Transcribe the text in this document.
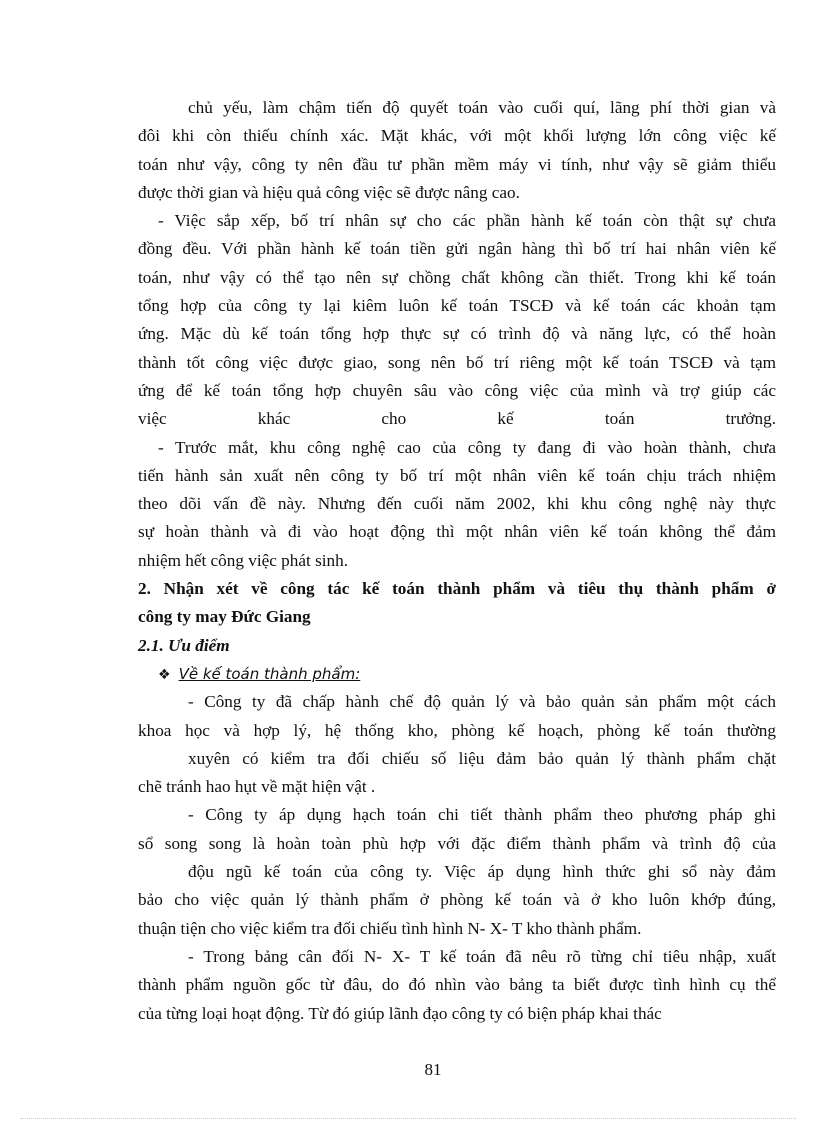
chủ yếu, làm chậm tiến độ quyết toán vào cuối quí, lãng phí thời gian và
đôi khi còn thiếu chính xác. Mặt khác, với một khối lượng lớn công việc kế
toán như vậy, công ty nên đầu tư phần mềm máy vi tính, như vậy sẽ giảm thiểu
được thời gian và hiệu quả công việc sẽ được nâng cao.
- Việc sắp xếp, bố trí nhân sự cho các phần hành kế toán còn thật sự chưa
đồng đều. Với phần hành kế toán tiền gửi ngân hàng thì bố trí hai nhân viên kế
toán, như vậy có thể tạo nên sự chồng chất không cần thiết. Trong khi kế toán
tổng hợp của công ty lại kiêm luôn kế toán TSCĐ và kế toán các khoản tạm
ứng. Mặc dù kế toán tổng hợp thực sự có trình độ và năng lực, có thể hoàn
thành tốt công việc được giao, song nên bố trí riêng một kế toán TSCĐ và tạm
ứng để kế toán tổng hợp chuyên sâu vào công việc của mình và trợ giúp các
việc khác cho kế toán trưởng.
- Trước mắt, khu công nghệ cao của công ty đang đi vào hoàn thành, chưa
tiến hành sản xuất nên công ty bố trí một nhân viên kế toán chịu trách nhiệm
theo dõi vấn đề này. Nhưng đến cuối năm 2002, khi khu công nghệ này thực
sự hoàn thành và đi vào hoạt động thì một nhân viên kế toán không thể đảm
nhiệm hết công việc phát sinh.
2. Nhận xét về công tác kế toán thành phẩm và tiêu thụ thành phẩm ở
công ty may Đức Giang
2.1. Ưu điểm
❖ Về kế toán thành phẩm:
- Công ty đã chấp hành chế độ quản lý và bảo quản sản phẩm một cách
khoa học và hợp lý, hệ thống kho, phòng kế hoạch, phòng kế toán thường
xuyên có kiểm tra đối chiếu số liệu đảm bảo quản lý thành phẩm chặt
chẽ tránh hao hụt về mặt hiện vật .
- Công ty áp dụng hạch toán chi tiết thành phẩm theo phương pháp ghi
sổ song song là hoàn toàn phù hợp với đặc điểm thành phẩm và trình độ của
độu ngũ kế toán của công ty. Việc áp dụng hình thức ghi sổ này đảm
bảo cho việc quản lý thành phẩm ở phòng kế toán và ở kho luôn khớp đúng,
thuận tiện cho việc kiểm tra đối chiếu tình hình N- X- T kho thành phẩm.
- Trong bảng cân đối N- X- T kế toán đã nêu rõ từng chỉ tiêu nhập, xuất
thành phẩm nguồn gốc từ đâu, do đó nhìn vào bảng ta biết được tình hình cụ thể
của từng loại hoạt động. Từ đó giúp lãnh đạo công ty có biện pháp khai thác
81
